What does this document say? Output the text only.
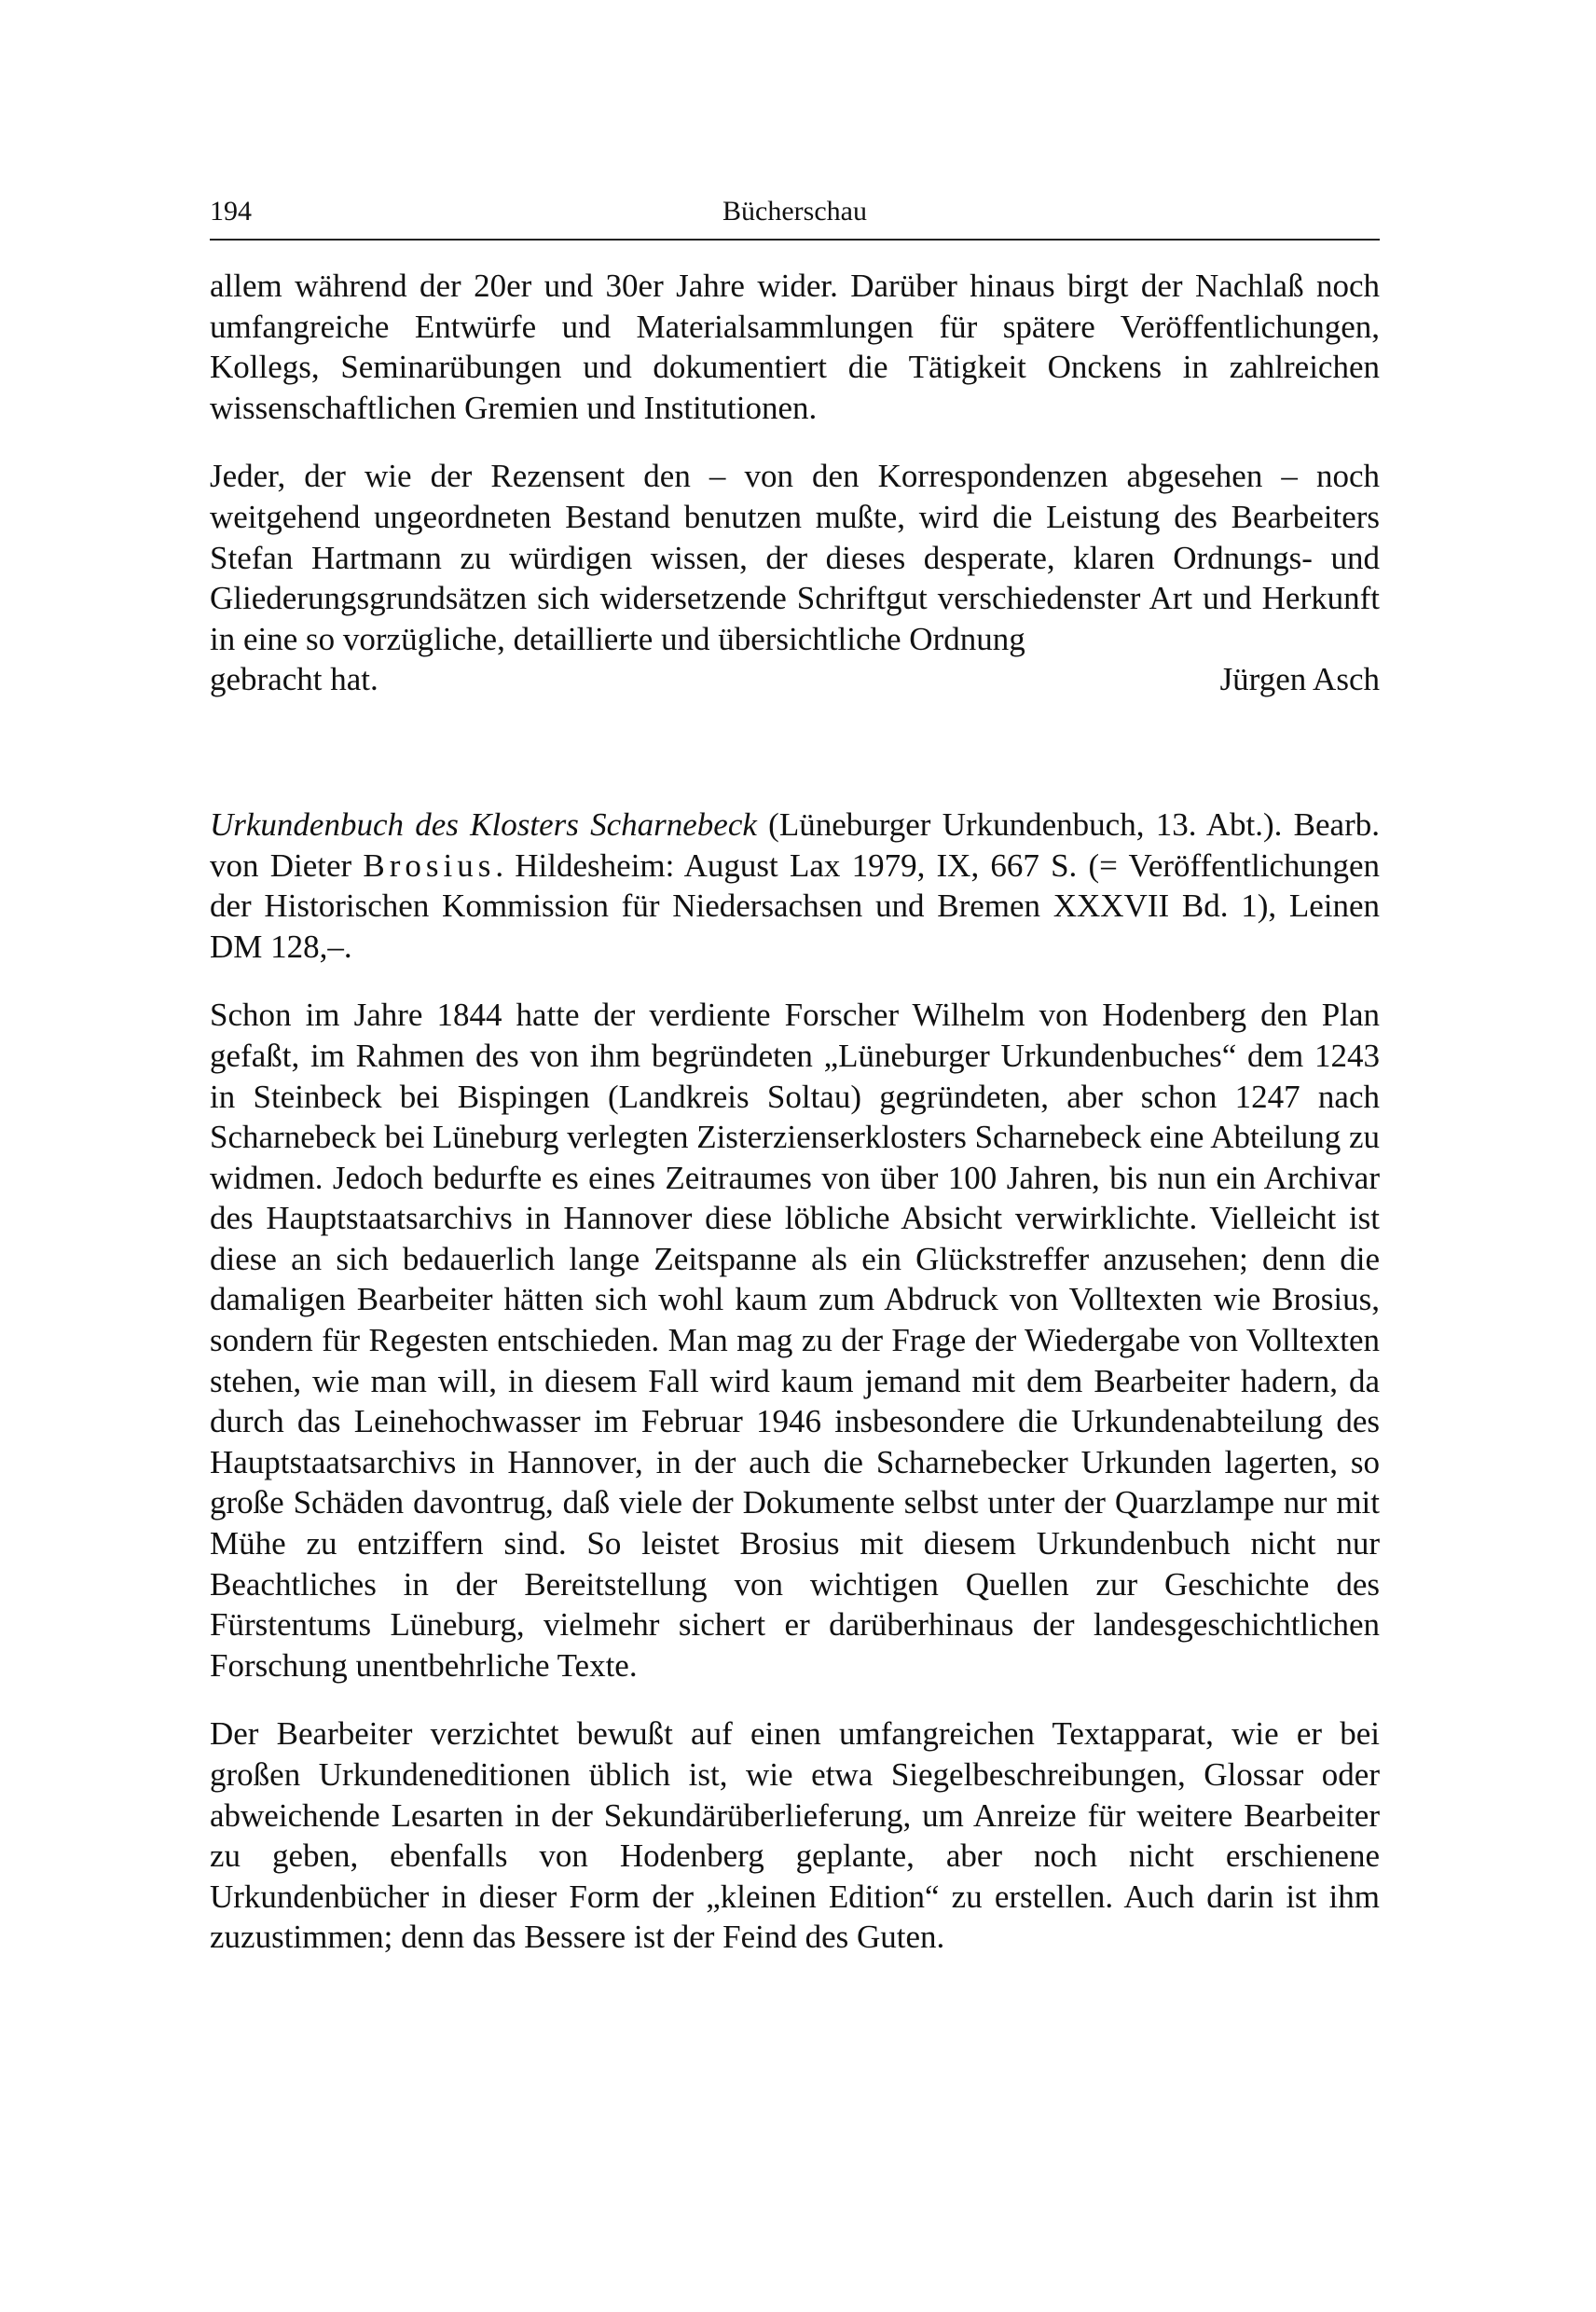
194	Bücherschau

allem während der 20er und 30er Jahre wider. Darüber hinaus birgt der Nachlaß noch umfangreiche Entwürfe und Materialsammlungen für spätere Veröffentlichungen, Kollegs, Seminarübungen und dokumentiert die Tätigkeit Onckens in zahlreichen wissenschaftlichen Gremien und Institutionen.

Jeder, der wie der Rezensent den – von den Korrespondenzen abgesehen – noch weitgehend ungeordneten Bestand benutzen mußte, wird die Leistung des Bearbeiters Stefan Hartmann zu würdigen wissen, der dieses desperate, klaren Ordnungs- und Gliederungsgrundsätzen sich widersetzende Schriftgut verschiedenster Art und Herkunft in eine so vorzügliche, detaillierte und übersichtliche Ordnung
gebracht hat.	Jürgen Asch

Urkundenbuch des Klosters Scharnebeck (Lüneburger Urkundenbuch, 13. Abt.). Bearb. von Dieter Brosius. Hildesheim: August Lax 1979, IX, 667 S. (= Veröffentlichungen der Historischen Kommission für Niedersachsen und Bremen XXXVII Bd. 1), Leinen DM 128,–.

Schon im Jahre 1844 hatte der verdiente Forscher Wilhelm von Hodenberg den Plan gefaßt, im Rahmen des von ihm begründeten „Lüneburger Urkundenbuches“ dem 1243 in Steinbeck bei Bispingen (Landkreis Soltau) gegründeten, aber schon 1247 nach Scharnebeck bei Lüneburg verlegten Zisterzienserklosters Scharnebeck eine Abteilung zu widmen. Jedoch bedurfte es eines Zeitraumes von über 100 Jahren, bis nun ein Archivar des Hauptstaatsarchivs in Hannover diese löbliche Absicht verwirklichte. Vielleicht ist diese an sich bedauerlich lange Zeitspanne als ein Glückstreffer anzusehen; denn die damaligen Bearbeiter hätten sich wohl kaum zum Abdruck von Volltexten wie Brosius, sondern für Regesten entschieden. Man mag zu der Frage der Wiedergabe von Volltexten stehen, wie man will, in diesem Fall wird kaum jemand mit dem Bearbeiter hadern, da durch das Leinehochwasser im Februar 1946 insbesondere die Urkundenabteilung des Hauptstaatsarchivs in Hannover, in der auch die Scharnebecker Urkunden lagerten, so große Schäden davontrug, daß viele der Dokumente selbst unter der Quarzlampe nur mit Mühe zu entziffern sind. So leistet Brosius mit diesem Urkundenbuch nicht nur Beachtliches in der Bereitstellung von wichtigen Quellen zur Geschichte des Fürstentums Lüneburg, vielmehr sichert er darüberhinaus der landesgeschichtlichen Forschung unentbehrliche Texte.

Der Bearbeiter verzichtet bewußt auf einen umfangreichen Textapparat, wie er bei großen Urkundeneditionen üblich ist, wie etwa Siegelbeschreibungen, Glossar oder abweichende Lesarten in der Sekundärüberlieferung, um Anreize für weitere Bearbeiter zu geben, ebenfalls von Hodenberg geplante, aber noch nicht erschienene Urkundenbücher in dieser Form der „kleinen Edition“ zu erstellen. Auch darin ist ihm zuzustimmen; denn das Bessere ist der Feind des Guten.
